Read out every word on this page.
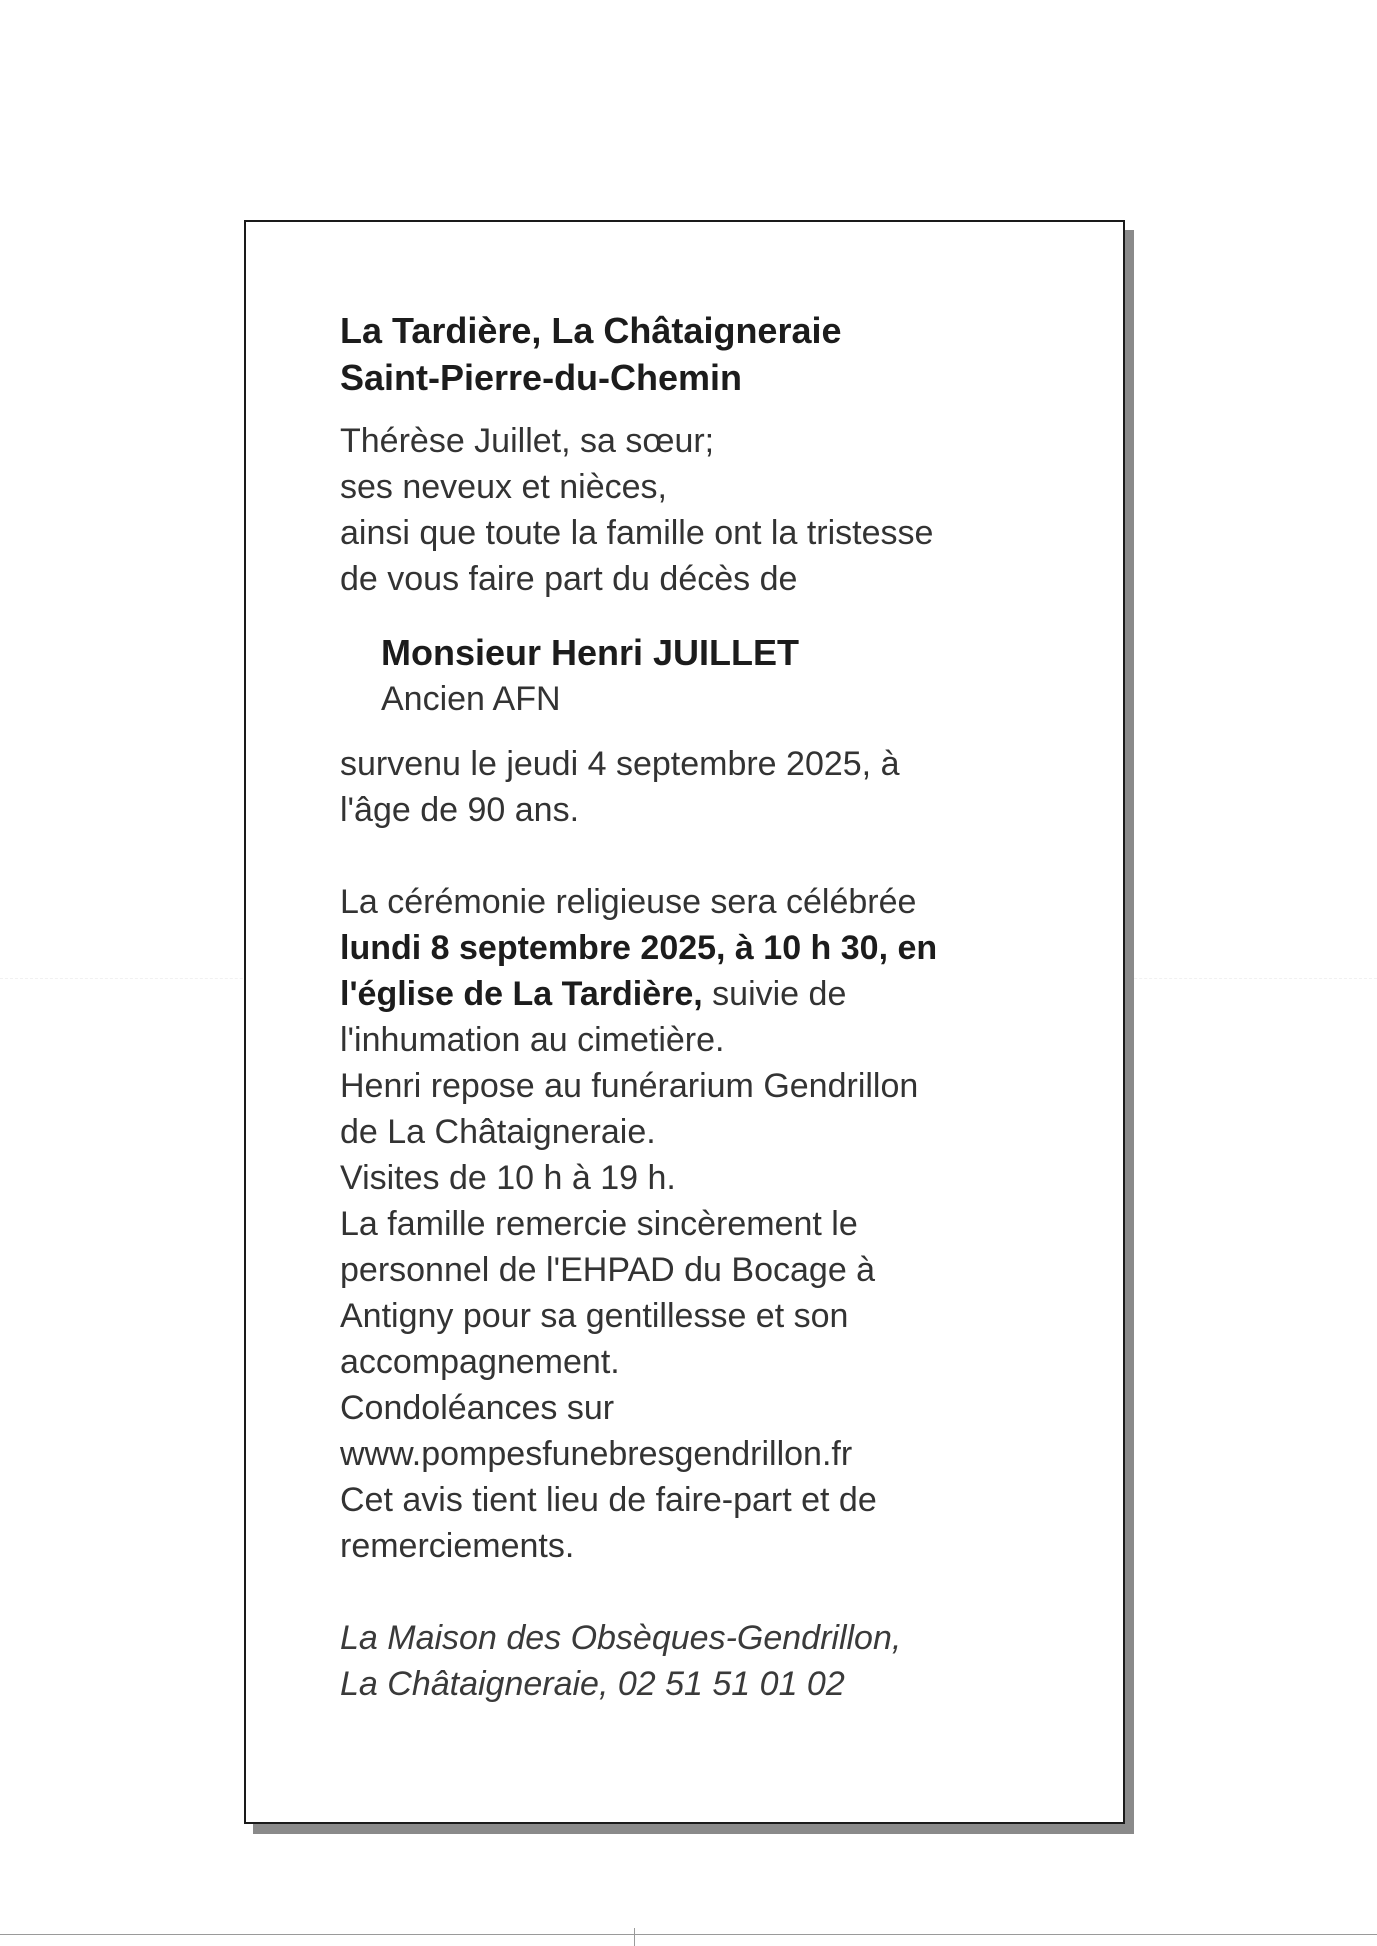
La Tardière, La Châtaigneraie
Saint-Pierre-du-Chemin
Thérèse Juillet, sa sœur;
ses neveux et nièces,
ainsi que toute la famille ont la tristesse
de vous faire part du décès de
Monsieur Henri JUILLET
Ancien AFN
survenu le jeudi 4 septembre 2025, à
l'âge de 90 ans.
La cérémonie religieuse sera célébrée
lundi 8 septembre 2025, à 10 h 30, en
l'église de La Tardière, suivie de
l'inhumation au cimetière.
Henri repose au funérarium Gendrillon
de La Châtaigneraie.
Visites de 10 h à 19 h.
La famille remercie sincèrement le
personnel de l'EHPAD du Bocage à
Antigny pour sa gentillesse et son
accompagnement.
Condoléances sur
www.pompesfunebresgendrillon.fr
Cet avis tient lieu de faire-part et de
remerciements.
La Maison des Obsèques-Gendrillon,
La Châtaigneraie, 02 51 51 01 02
